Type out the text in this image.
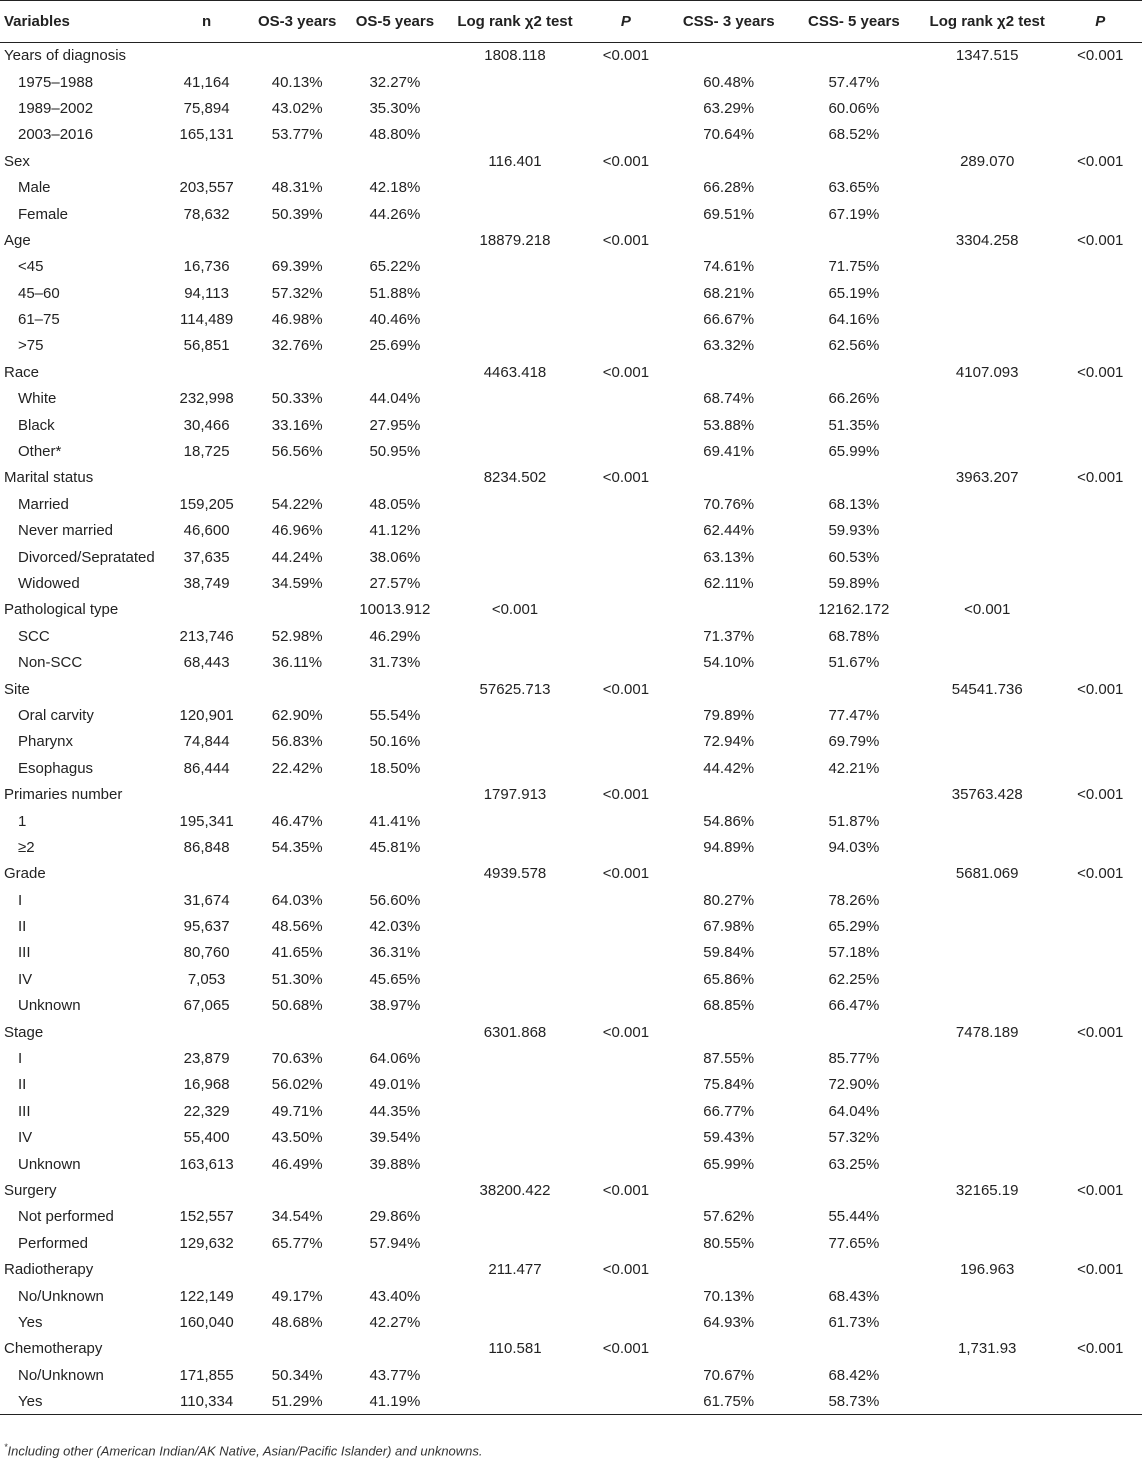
Variables	n	OS-3 years	OS-5 years	Log rank χ2 test	P	CSS- 3 years	CSS- 5 years	Log rank χ2 test	P
Years of diagnosis				1808.118	<0.001			1347.515	<0.001
1975–1988	41,164	40.13%	32.27%			60.48%	57.47%		
1989–2002	75,894	43.02%	35.30%			63.29%	60.06%		
2003–2016	165,131	53.77%	48.80%			70.64%	68.52%		
Sex				116.401	<0.001			289.070	<0.001
Male	203,557	48.31%	42.18%			66.28%	63.65%		
Female	78,632	50.39%	44.26%			69.51%	67.19%		
Age				18879.218	<0.001			3304.258	<0.001
<45	16,736	69.39%	65.22%			74.61%	71.75%		
45–60	94,113	57.32%	51.88%			68.21%	65.19%		
61–75	114,489	46.98%	40.46%			66.67%	64.16%		
>75	56,851	32.76%	25.69%			63.32%	62.56%		
Race				4463.418	<0.001			4107.093	<0.001
White	232,998	50.33%	44.04%			68.74%	66.26%		
Black	30,466	33.16%	27.95%			53.88%	51.35%		
Other*	18,725	56.56%	50.95%			69.41%	65.99%		
Marital status				8234.502	<0.001			3963.207	<0.001
Married	159,205	54.22%	48.05%			70.76%	68.13%		
Never married	46,600	46.96%	41.12%			62.44%	59.93%		
Divorced/Sepratated	37,635	44.24%	38.06%			63.13%	60.53%		
Widowed	38,749	34.59%	27.57%			62.11%	59.89%		
Pathological type			10013.912	<0.001			12162.172	<0.001	
SCC	213,746	52.98%	46.29%			71.37%	68.78%		
Non-SCC	68,443	36.11%	31.73%			54.10%	51.67%		
Site				57625.713	<0.001			54541.736	<0.001
Oral carvity	120,901	62.90%	55.54%			79.89%	77.47%		
Pharynx	74,844	56.83%	50.16%			72.94%	69.79%		
Esophagus	86,444	22.42%	18.50%			44.42%	42.21%		
Primaries number				1797.913	<0.001			35763.428	<0.001
1	195,341	46.47%	41.41%			54.86%	51.87%		
≥2	86,848	54.35%	45.81%			94.89%	94.03%		
Grade				4939.578	<0.001			5681.069	<0.001
I	31,674	64.03%	56.60%			80.27%	78.26%		
II	95,637	48.56%	42.03%			67.98%	65.29%		
III	80,760	41.65%	36.31%			59.84%	57.18%		
IV	7,053	51.30%	45.65%			65.86%	62.25%		
Unknown	67,065	50.68%	38.97%			68.85%	66.47%		
Stage				6301.868	<0.001			7478.189	<0.001
I	23,879	70.63%	64.06%			87.55%	85.77%		
II	16,968	56.02%	49.01%			75.84%	72.90%		
III	22,329	49.71%	44.35%			66.77%	64.04%		
IV	55,400	43.50%	39.54%			59.43%	57.32%		
Unknown	163,613	46.49%	39.88%			65.99%	63.25%		
Surgery				38200.422	<0.001			32165.19	<0.001
Not performed	152,557	34.54%	29.86%			57.62%	55.44%		
Performed	129,632	65.77%	57.94%			80.55%	77.65%		
Radiotherapy				211.477	<0.001			196.963	<0.001
No/Unknown	122,149	49.17%	43.40%			70.13%	68.43%		
Yes	160,040	48.68%	42.27%			64.93%	61.73%		
Chemotherapy				110.581	<0.001			1,731.93	<0.001
No/Unknown	171,855	50.34%	43.77%			70.67%	68.42%		
Yes	110,334	51.29%	41.19%			61.75%	58.73%		
*Including other (American Indian/AK Native, Asian/Pacific Islander) and unknowns.
